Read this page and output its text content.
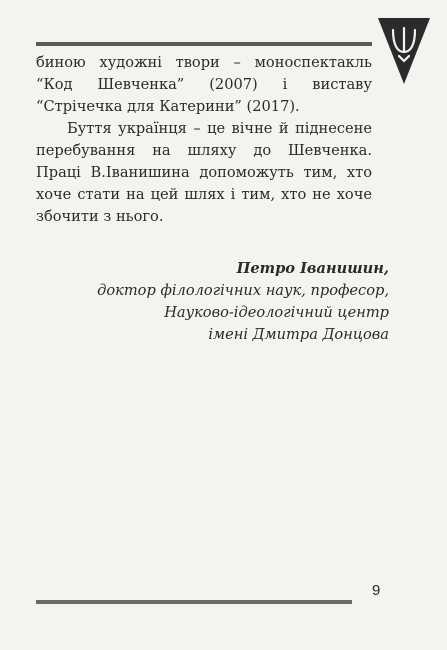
биною художні твори – моноспектакль “Код Шевченка” (2007) і виставу “Стрічечка для Катерини” (2017).

Буття українця – це вічне й піднесене перебування на шляху до Шевченка. Праці В.Іванишина допоможуть тим, хто хоче стати на цей шлях і тим, хто не хоче збочити з нього.

Петро Іванишин,
доктор філологічних наук, професор,
Науково-ідеологічний центр
імені Дмитра Донцова
9
